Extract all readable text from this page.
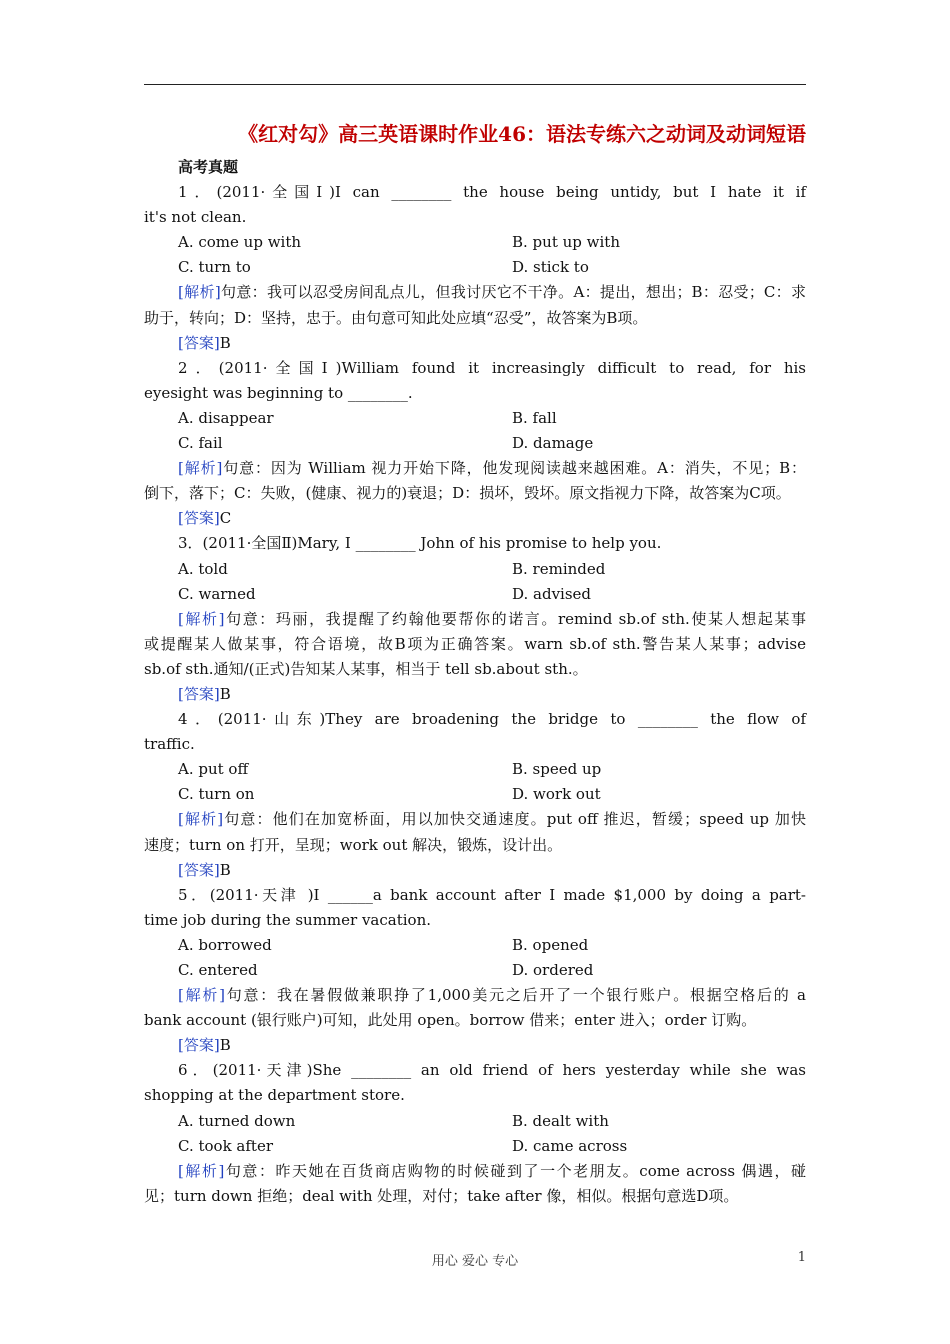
《红对勾》高三英语课时作业46：语法专练六之动词及动词短语
高考真题
1．(2011·全国Ⅰ)I can ________ the house being untidy, but I hate it if
it's not clean.
A. come up with	B. put up with
C. turn to	D. stick to
[解析]句意：我可以忍受房间乱点儿，但我讨厌它不干净。A：提出，想出；B：忍受；C：求
助于，转向；D：坚持，忠于。由句意可知此处应填“忍受”，故答案为B项。
[答案]B
2．(2011·全国Ⅰ)William found it increasingly difficult to read, for his
eyesight was beginning to ________.
A. disappear	B. fall
C. fail	D. damage
[解析]句意：因为 William 视力开始下降，他发现阅读越来越困难。A：消失，不见；B：
倒下，落下；C：失败，(健康、视力的)衰退；D：损坏，毁坏。原文指视力下降，故答案为C项。
[答案]C
3．(2011·全国Ⅱ)Mary, I ________ John of his promise to help you.
A. told	B. reminded
C. warned	D. advised
[解析]句意：玛丽，我提醒了约翰他要帮你的诺言。remind sb.of sth.使某人想起某事
或提醒某人做某事，符合语境，故B项为正确答案。warn sb.of sth.警告某人某事；advise
sb.of sth.通知/(正式)告知某人某事，相当于 tell sb.about sth.。
[答案]B
4．(2011·山东)They are broadening the bridge to ________ the flow of
traffic.
A. put off	B. speed up
C. turn on	D. work out
[解析]句意：他们在加宽桥面，用以加快交通速度。put off 推迟，暂缓；speed up 加快
速度；turn on 打开，呈现；work out 解决，锻炼，设计出。
[答案]B
5．(2011·天津 )I ______a bank account after I made $1,000 by doing a part-
time job during the summer vacation.
A. borrowed	B. opened
C. entered	D. ordered
[解析]句意：我在暑假做兼职挣了1,000美元之后开了一个银行账户。根据空格后的 a
bank account (银行账户)可知，此处用 open。borrow 借来；enter 进入；order 订购。
[答案]B
6．(2011·天津)She ________ an old friend of hers yesterday while she was
shopping at the department store.
A. turned down	B. dealt with
C. took after	D. came across
[解析]句意：昨天她在百货商店购物的时候碰到了一个老朋友。come across 偶遇，碰
见；turn down 拒绝；deal with 处理，对付；take after 像，相似。根据句意选D项。
用心 爱心 专心	1
